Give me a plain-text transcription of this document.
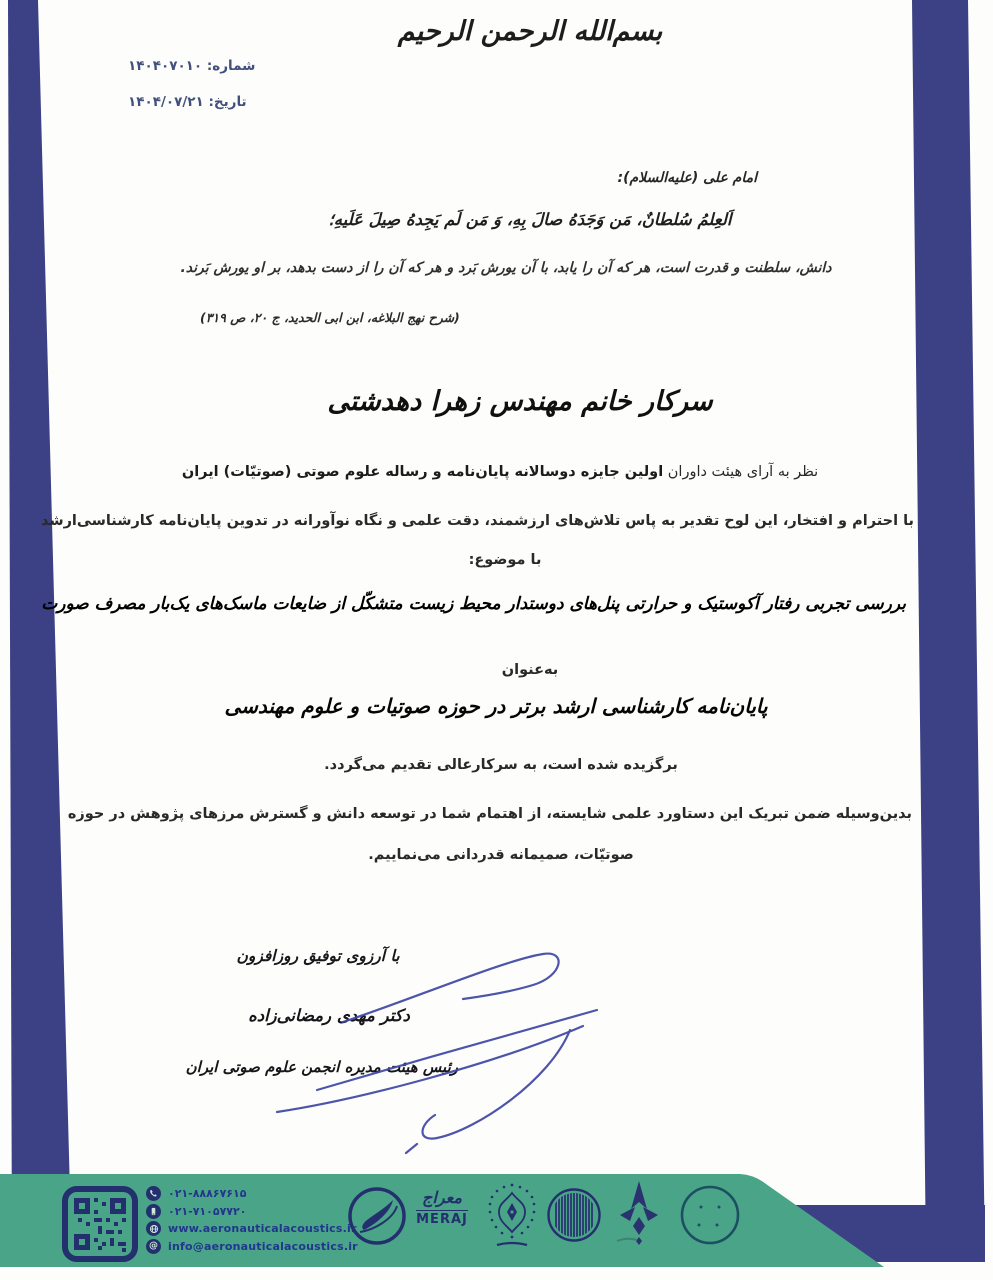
بسم‌الله الرحمن الرحیم
شماره: ۱۴۰۴۰۷۰۱۰
تاریخ: ۱۴۰۴/۰۷/۲۱
امام علی (علیه‌السلام):
اَلعِلمُ سُلطانٌ، مَن وَجَدَهُ صالَ بِهِ، وَ مَن لَم یَجِدهُ صِیلَ عَلَیهِ؛
دانش، سلطنت و قدرت است، هر که آن را یابد، با آن یورش بَرد و هر که آن را از دست بدهد، بر او یورش بَرند.
(شرح نهج البلاغه، ابن ابی الحدید، ج ۲۰، ص ۳۱۹)
سرکار خانم مهندس زهرا دهدشتی
نظر به آرای هیئت داوران اولین جایزه دوسالانه پایان‌نامه و رساله علوم صوتی (صوتیّات) ایران
با احترام و افتخار، این لوح تقدیر به پاس تلاش‌های ارزشمند، دقت علمی و نگاه نوآورانه در تدوین پایان‌نامه کارشناسی‌ارشد
با موضوع:
بررسی تجربی رفتار آکوستیک و حرارتی پنل‌های دوستدار محیط زیست متشکّل از ضایعات ماسک‌های یک‌بار مصرف صورت
به‌عنوان
پایان‌نامه کارشناسی ارشد برتر در حوزه صوتیات و علوم مهندسی
برگزیده شده است، به سرکارعالی تقدیم می‌گردد.
بدین‌وسیله ضمن تبریک این دستاورد علمی شایسته، از اهتمام شما در توسعه دانش و گسترش مرزهای پژوهش در حوزه
صوتیّات، صمیمانه قدردانی می‌نماییم.
با آرزوی توفیق روزافزون
دکتر مهدی رمضانی‌زاده
رئیس هیئت مدیره انجمن علوم صوتی ایران
۰۲۱-۸۸۸۶۷۶۱۵
۰۲۱-۷۱۰۵۷۷۲۰
www.aeronauticalacoustics.ir
@ info@aeronauticalacoustics.ir
معراج
MERAJ
